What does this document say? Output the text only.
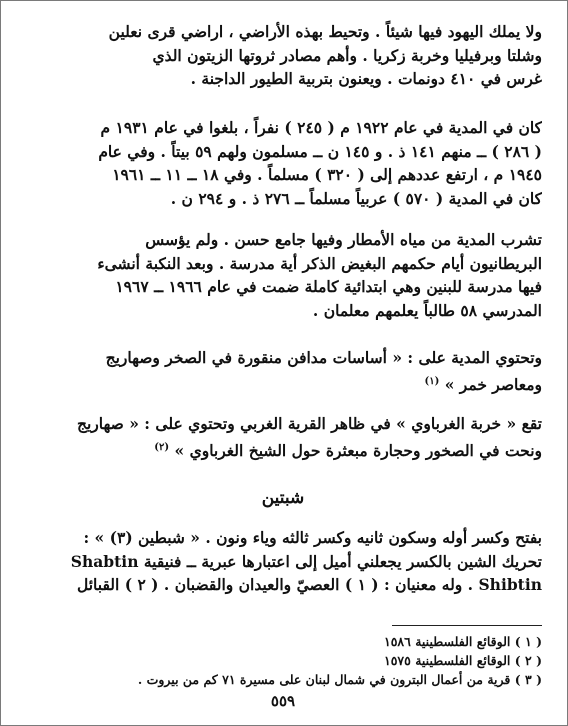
ولا يملك اليهود فيها شيئاً . وتحيط بهذه الأراضي ، اراضي قرى نعلين
وشلتا وبرفيليا وخربة زكريا . وأهم مصادر ثروتها الزيتون الذي
غرس في ٤١٠ دونمات . ويعنون بتربية الطيور الداجنة .
كان في المدية في عام ١٩٢٢ م ( ٢٤٥ ) نفراً ، بلغوا في عام ١٩٣١ م
( ٢٨٦ ) ــ منهم ١٤١ ذ . و ١٤٥ ن ــ مسلمون ولهم ٥٩ بيتاً . وفي عام
١٩٤٥ م ، ارتفع عددهم إلى ( ٣٢٠ ) مسلماً . وفي ١٨ ــ ١١ ــ ١٩٦١
كان في المدية ( ٥٧٠ ) عربياً مسلماً ــ ٢٧٦ ذ . و ٢٩٤ ن .
تشرب المدية من مياه الأمطار وفيها جامع حسن . ولم يؤسس
البريطانيون أيام حكمهم البغيض الذكر أية مدرسة . وبعد النكبة أنشىء
فيها مدرسة للبنين وهي ابتدائية كاملة ضمت في عام ١٩٦٦ ــ ١٩٦٧
المدرسي ٥٨ طالباً يعلمهم معلمان .
وتحتوي المدية على : « أساسات مدافن منقورة في الصخر وصهاريج
ومعاصر خمر » $^{(١)}$
تقع « خربة الغرباوي » في ظاهر القرية الغربي وتحتوي على : « صهاريج
ونحت في الصخور وحجارة مبعثرة حول الشيخ الغرباوي » $^{(٢)}$
شبتين
بفتح وكسر أوله وسكون ثانيه وكسر ثالثه وياء ونون . « شبطين (٣) » :
تحريك الشين بالكسر يجعلني أميل إلى اعتبارها عبرية ــ فنيقية Shabtin
Shibtin . وله معنيان : ( ١ ) العصيّ والعيدان والقضبان . ( ٢ ) القبائل

( ١ ) الوقائع الفلسطينية ١٥٨٦

( ٢ ) الوقائع الفلسطينية ١٥٧٥

( ٣ ) قرية من أعمال البترون في شمال لبنان على مسيرة ٧١ كم من بيروت .

٥٥٩
